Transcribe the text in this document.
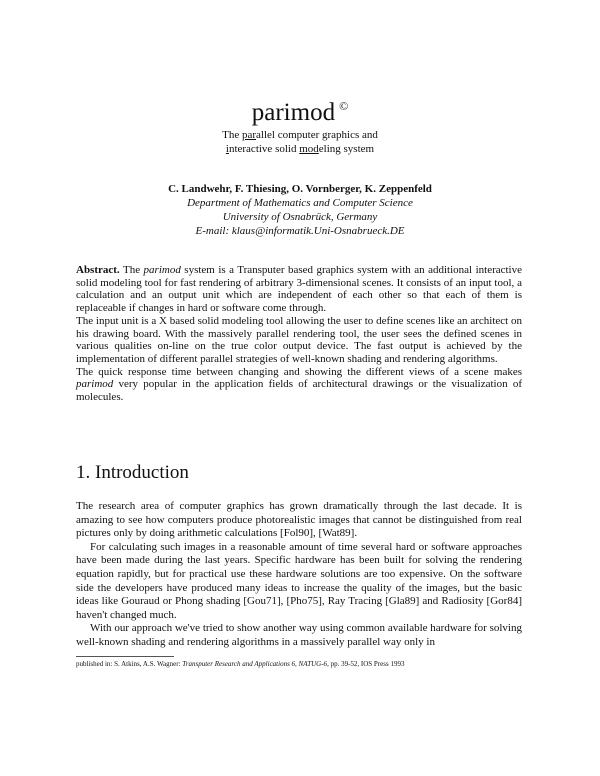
parimod ©
The parallel computer graphics and
interactive solid modeling system
C. Landwehr, F. Thiesing, O. Vornberger, K. Zeppenfeld
Department of Mathematics and Computer Science
University of Osnabrück, Germany
E-mail: klaus@informatik.Uni-Osnabrueck.DE

Abstract. The parimod system is a Transputer based graphics system with an additional interactive solid modeling tool for fast rendering of arbitrary 3-dimensional scenes. It consists of an input tool, a calculation and an output unit which are independent of each other so that each of them is replaceable if changes in hard or software come through.

The input unit is a X based solid modeling tool allowing the user to define scenes like an architect on his drawing board. With the massively parallel rendering tool, the user sees the defined scenes in various qualities on-line on the true color output device. The fast output is achieved by the implementation of different parallel strategies of well-known shading and rendering algorithms.

The quick response time between changing and showing the different views of a scene makes parimod very popular in the application fields of architectural drawings or the visualization of molecules.

1. Introduction

The research area of computer graphics has grown dramatically through the last decade. It is amazing to see how computers produce photorealistic images that cannot be distinguished from real pictures only by doing arithmetic calculations [Fol90], [Wat89].

For calculating such images in a reasonable amount of time several hard or software approaches have been made during the last years. Specific hardware has been built for solving the rendering equation rapidly, but for practical use these hardware solutions are too expensive. On the software side the developers have produced many ideas to increase the quality of the images, but the basic ideas like Gouraud or Phong shading [Gou71], [Pho75], Ray Tracing [Gla89] and Radiosity [Gor84] haven't changed much.

With our approach we've tried to show another way using common available hardware for solving well-known shading and rendering algorithms in a massively parallel way only in

published in: S. Atkins, A.S. Wagner: Transputer Research and Applications 6, NATUG-6, pp. 39-52, IOS Press 1993
